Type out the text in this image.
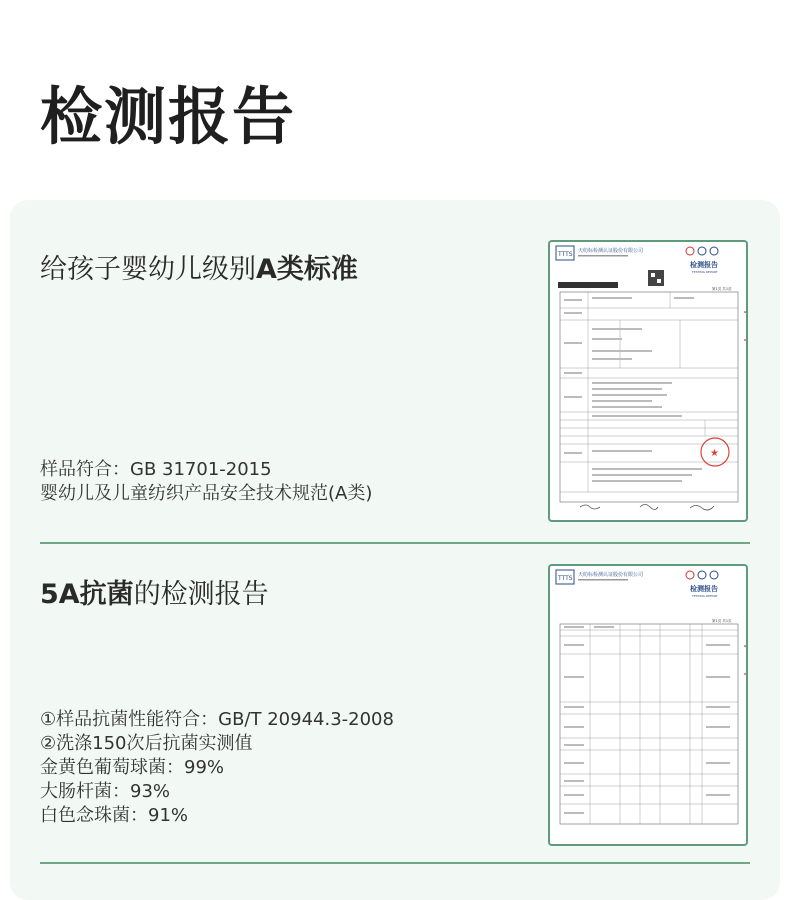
检测报告
给孩子婴幼儿级别A类标准
样品符合：GB 31701-2015
婴幼儿及儿童纺织产品安全技术规范(A类)
TTTS 天纺标检测认证股份有限公司
检测报告
TESTING REPORT
第1页 共1页
★
5A抗菌的检测报告
①样品抗菌性能符合：GB/T 20944.3-2008
②洗涤150次后抗菌实测值
金黄色葡萄球菌：99%
大肠杆菌：93%
白色念珠菌：91%
TTTS 天纺标检测认证股份有限公司
检测报告
TESTING REPORT
第1页 共1页
